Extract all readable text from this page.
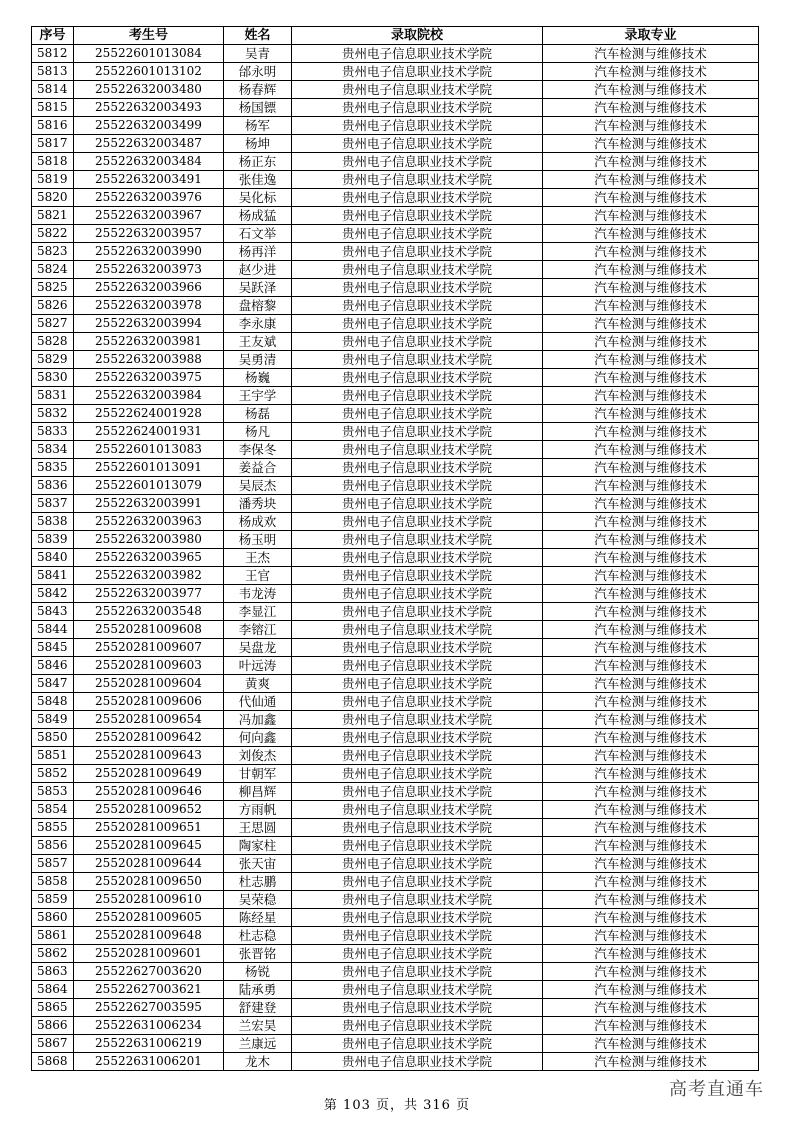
序号	考生号	姓名	录取院校	录取专业
5812	25522601013084	吴青	贵州电子信息职业技术学院	汽车检测与维修技术
5813	25522601013102	邰永明	贵州电子信息职业技术学院	汽车检测与维修技术
5814	25522632003480	杨春辉	贵州电子信息职业技术学院	汽车检测与维修技术
5815	25522632003493	杨国镖	贵州电子信息职业技术学院	汽车检测与维修技术
5816	25522632003499	杨军	贵州电子信息职业技术学院	汽车检测与维修技术
5817	25522632003487	杨坤	贵州电子信息职业技术学院	汽车检测与维修技术
5818	25522632003484	杨正东	贵州电子信息职业技术学院	汽车检测与维修技术
5819	25522632003491	张佳逸	贵州电子信息职业技术学院	汽车检测与维修技术
5820	25522632003976	吴化标	贵州电子信息职业技术学院	汽车检测与维修技术
5821	25522632003967	杨成猛	贵州电子信息职业技术学院	汽车检测与维修技术
5822	25522632003957	石文举	贵州电子信息职业技术学院	汽车检测与维修技术
5823	25522632003990	杨再洋	贵州电子信息职业技术学院	汽车检测与维修技术
5824	25522632003973	赵少进	贵州电子信息职业技术学院	汽车检测与维修技术
5825	25522632003966	吴跃泽	贵州电子信息职业技术学院	汽车检测与维修技术
5826	25522632003978	盘榕黎	贵州电子信息职业技术学院	汽车检测与维修技术
5827	25522632003994	李永康	贵州电子信息职业技术学院	汽车检测与维修技术
5828	25522632003981	王友斌	贵州电子信息职业技术学院	汽车检测与维修技术
5829	25522632003988	吴勇清	贵州电子信息职业技术学院	汽车检测与维修技术
5830	25522632003975	杨巍	贵州电子信息职业技术学院	汽车检测与维修技术
5831	25522632003984	王宇学	贵州电子信息职业技术学院	汽车检测与维修技术
5832	25522624001928	杨磊	贵州电子信息职业技术学院	汽车检测与维修技术
5833	25522624001931	杨凡	贵州电子信息职业技术学院	汽车检测与维修技术
5834	25522601013083	李保冬	贵州电子信息职业技术学院	汽车检测与维修技术
5835	25522601013091	姜益合	贵州电子信息职业技术学院	汽车检测与维修技术
5836	25522601013079	吴辰杰	贵州电子信息职业技术学院	汽车检测与维修技术
5837	25522632003991	潘秀块	贵州电子信息职业技术学院	汽车检测与维修技术
5838	25522632003963	杨成欢	贵州电子信息职业技术学院	汽车检测与维修技术
5839	25522632003980	杨玉明	贵州电子信息职业技术学院	汽车检测与维修技术
5840	25522632003965	王杰	贵州电子信息职业技术学院	汽车检测与维修技术
5841	25522632003982	王官	贵州电子信息职业技术学院	汽车检测与维修技术
5842	25522632003977	韦龙涛	贵州电子信息职业技术学院	汽车检测与维修技术
5843	25522632003548	李显江	贵州电子信息职业技术学院	汽车检测与维修技术
5844	25520281009608	李镕江	贵州电子信息职业技术学院	汽车检测与维修技术
5845	25520281009607	吴盘龙	贵州电子信息职业技术学院	汽车检测与维修技术
5846	25520281009603	叶远涛	贵州电子信息职业技术学院	汽车检测与维修技术
5847	25520281009604	黄爽	贵州电子信息职业技术学院	汽车检测与维修技术
5848	25520281009606	代仙通	贵州电子信息职业技术学院	汽车检测与维修技术
5849	25520281009654	冯加鑫	贵州电子信息职业技术学院	汽车检测与维修技术
5850	25520281009642	何向鑫	贵州电子信息职业技术学院	汽车检测与维修技术
5851	25520281009643	刘俊杰	贵州电子信息职业技术学院	汽车检测与维修技术
5852	25520281009649	甘朝军	贵州电子信息职业技术学院	汽车检测与维修技术
5853	25520281009646	柳昌辉	贵州电子信息职业技术学院	汽车检测与维修技术
5854	25520281009652	方雨帆	贵州电子信息职业技术学院	汽车检测与维修技术
5855	25520281009651	王思圆	贵州电子信息职业技术学院	汽车检测与维修技术
5856	25520281009645	陶家柱	贵州电子信息职业技术学院	汽车检测与维修技术
5857	25520281009644	张天宙	贵州电子信息职业技术学院	汽车检测与维修技术
5858	25520281009650	杜志鹏	贵州电子信息职业技术学院	汽车检测与维修技术
5859	25520281009610	吴荣稳	贵州电子信息职业技术学院	汽车检测与维修技术
5860	25520281009605	陈经星	贵州电子信息职业技术学院	汽车检测与维修技术
5861	25520281009648	杜志稳	贵州电子信息职业技术学院	汽车检测与维修技术
5862	25520281009601	张晋铭	贵州电子信息职业技术学院	汽车检测与维修技术
5863	25522627003620	杨锐	贵州电子信息职业技术学院	汽车检测与维修技术
5864	25522627003621	陆承勇	贵州电子信息职业技术学院	汽车检测与维修技术
5865	25522627003595	舒建登	贵州电子信息职业技术学院	汽车检测与维修技术
5866	25522631006234	兰宏昊	贵州电子信息职业技术学院	汽车检测与维修技术
5867	25522631006219	兰康远	贵州电子信息职业技术学院	汽车检测与维修技术
5868	25522631006201	龙木	贵州电子信息职业技术学院	汽车检测与维修技术
第 103 页，共 316 页
高考直通车
